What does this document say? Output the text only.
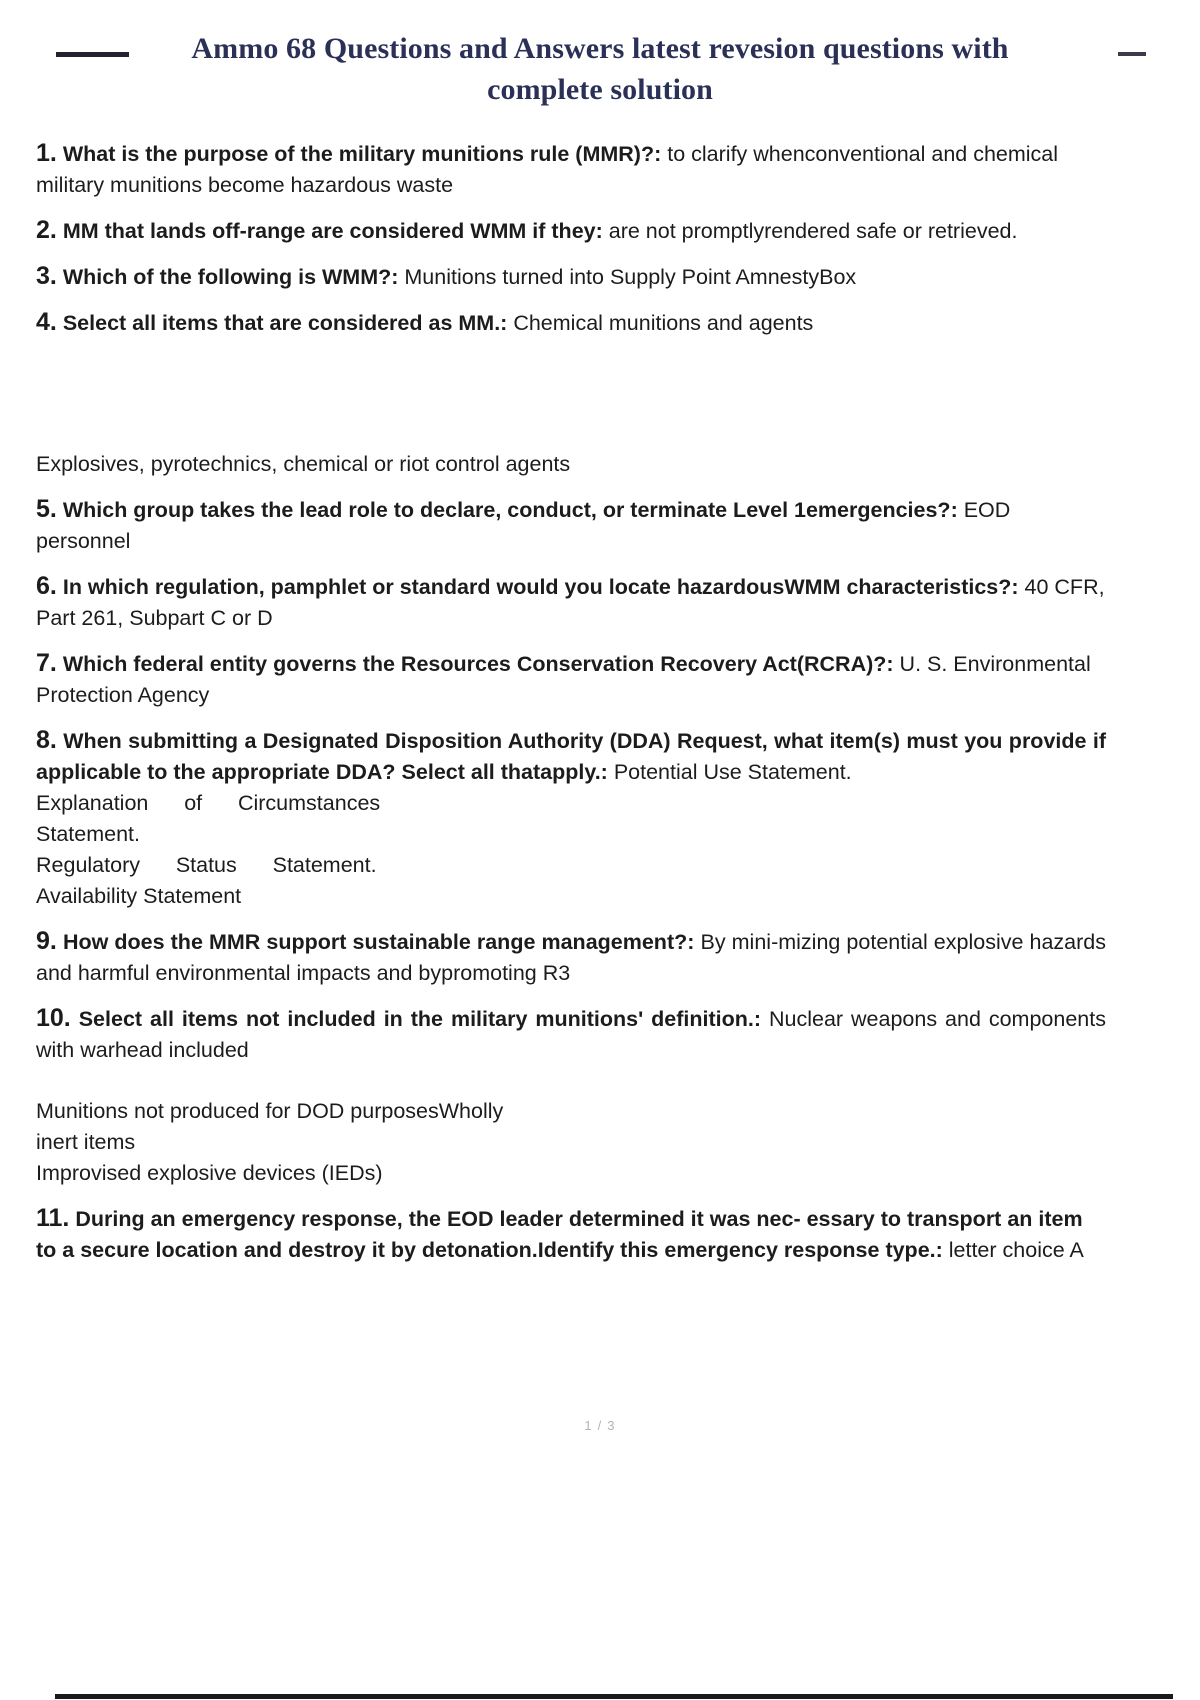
Ammo 68 Questions and Answers latest revesion questions with complete solution

1. What is the purpose of the military munitions rule (MMR)?: to clarify whenconventional and chemical military munitions become hazardous waste

2. MM that lands off-range are considered WMM if they: are not promptlyrendered safe or retrieved.

3. Which of the following is WMM?: Munitions turned into Supply Point AmnestyBox

4. Select all items that are considered as MM.: Chemical munitions and agents

Explosives, pyrotechnics, chemical or riot control agents

5. Which group takes the lead role to declare, conduct, or terminate Level 1emergencies?: EOD personnel

6. In which regulation, pamphlet or standard would you locate hazardousWMM characteristics?: 40 CFR, Part 261, Subpart C or D

7. Which federal entity governs the Resources Conservation Recovery Act(RCRA)?: U. S. Environmental Protection Agency

8. When submitting a Designated Disposition Authority (DDA) Request, what item(s) must you provide if applicable to the appropriate DDA? Select all thatapply.: Potential Use Statement.

Explanation      of      Circumstances

Statement.

Regulatory      Status      Statement.

Availability Statement

9. How does the MMR support sustainable range management?: By mini-mizing potential explosive hazards and harmful environmental impacts and bypromoting R3

10. Select all items not included in the military munitions' definition.: Nuclear weapons and components with warhead included

Munitions not produced for DOD purposesWholly

inert items

Improvised explosive devices (IEDs)

11. During an emergency response, the EOD leader determined it was nec- essary to transport an item to a secure location and destroy it by detonation.Identify this emergency response type.: letter choice A

1 / 3
